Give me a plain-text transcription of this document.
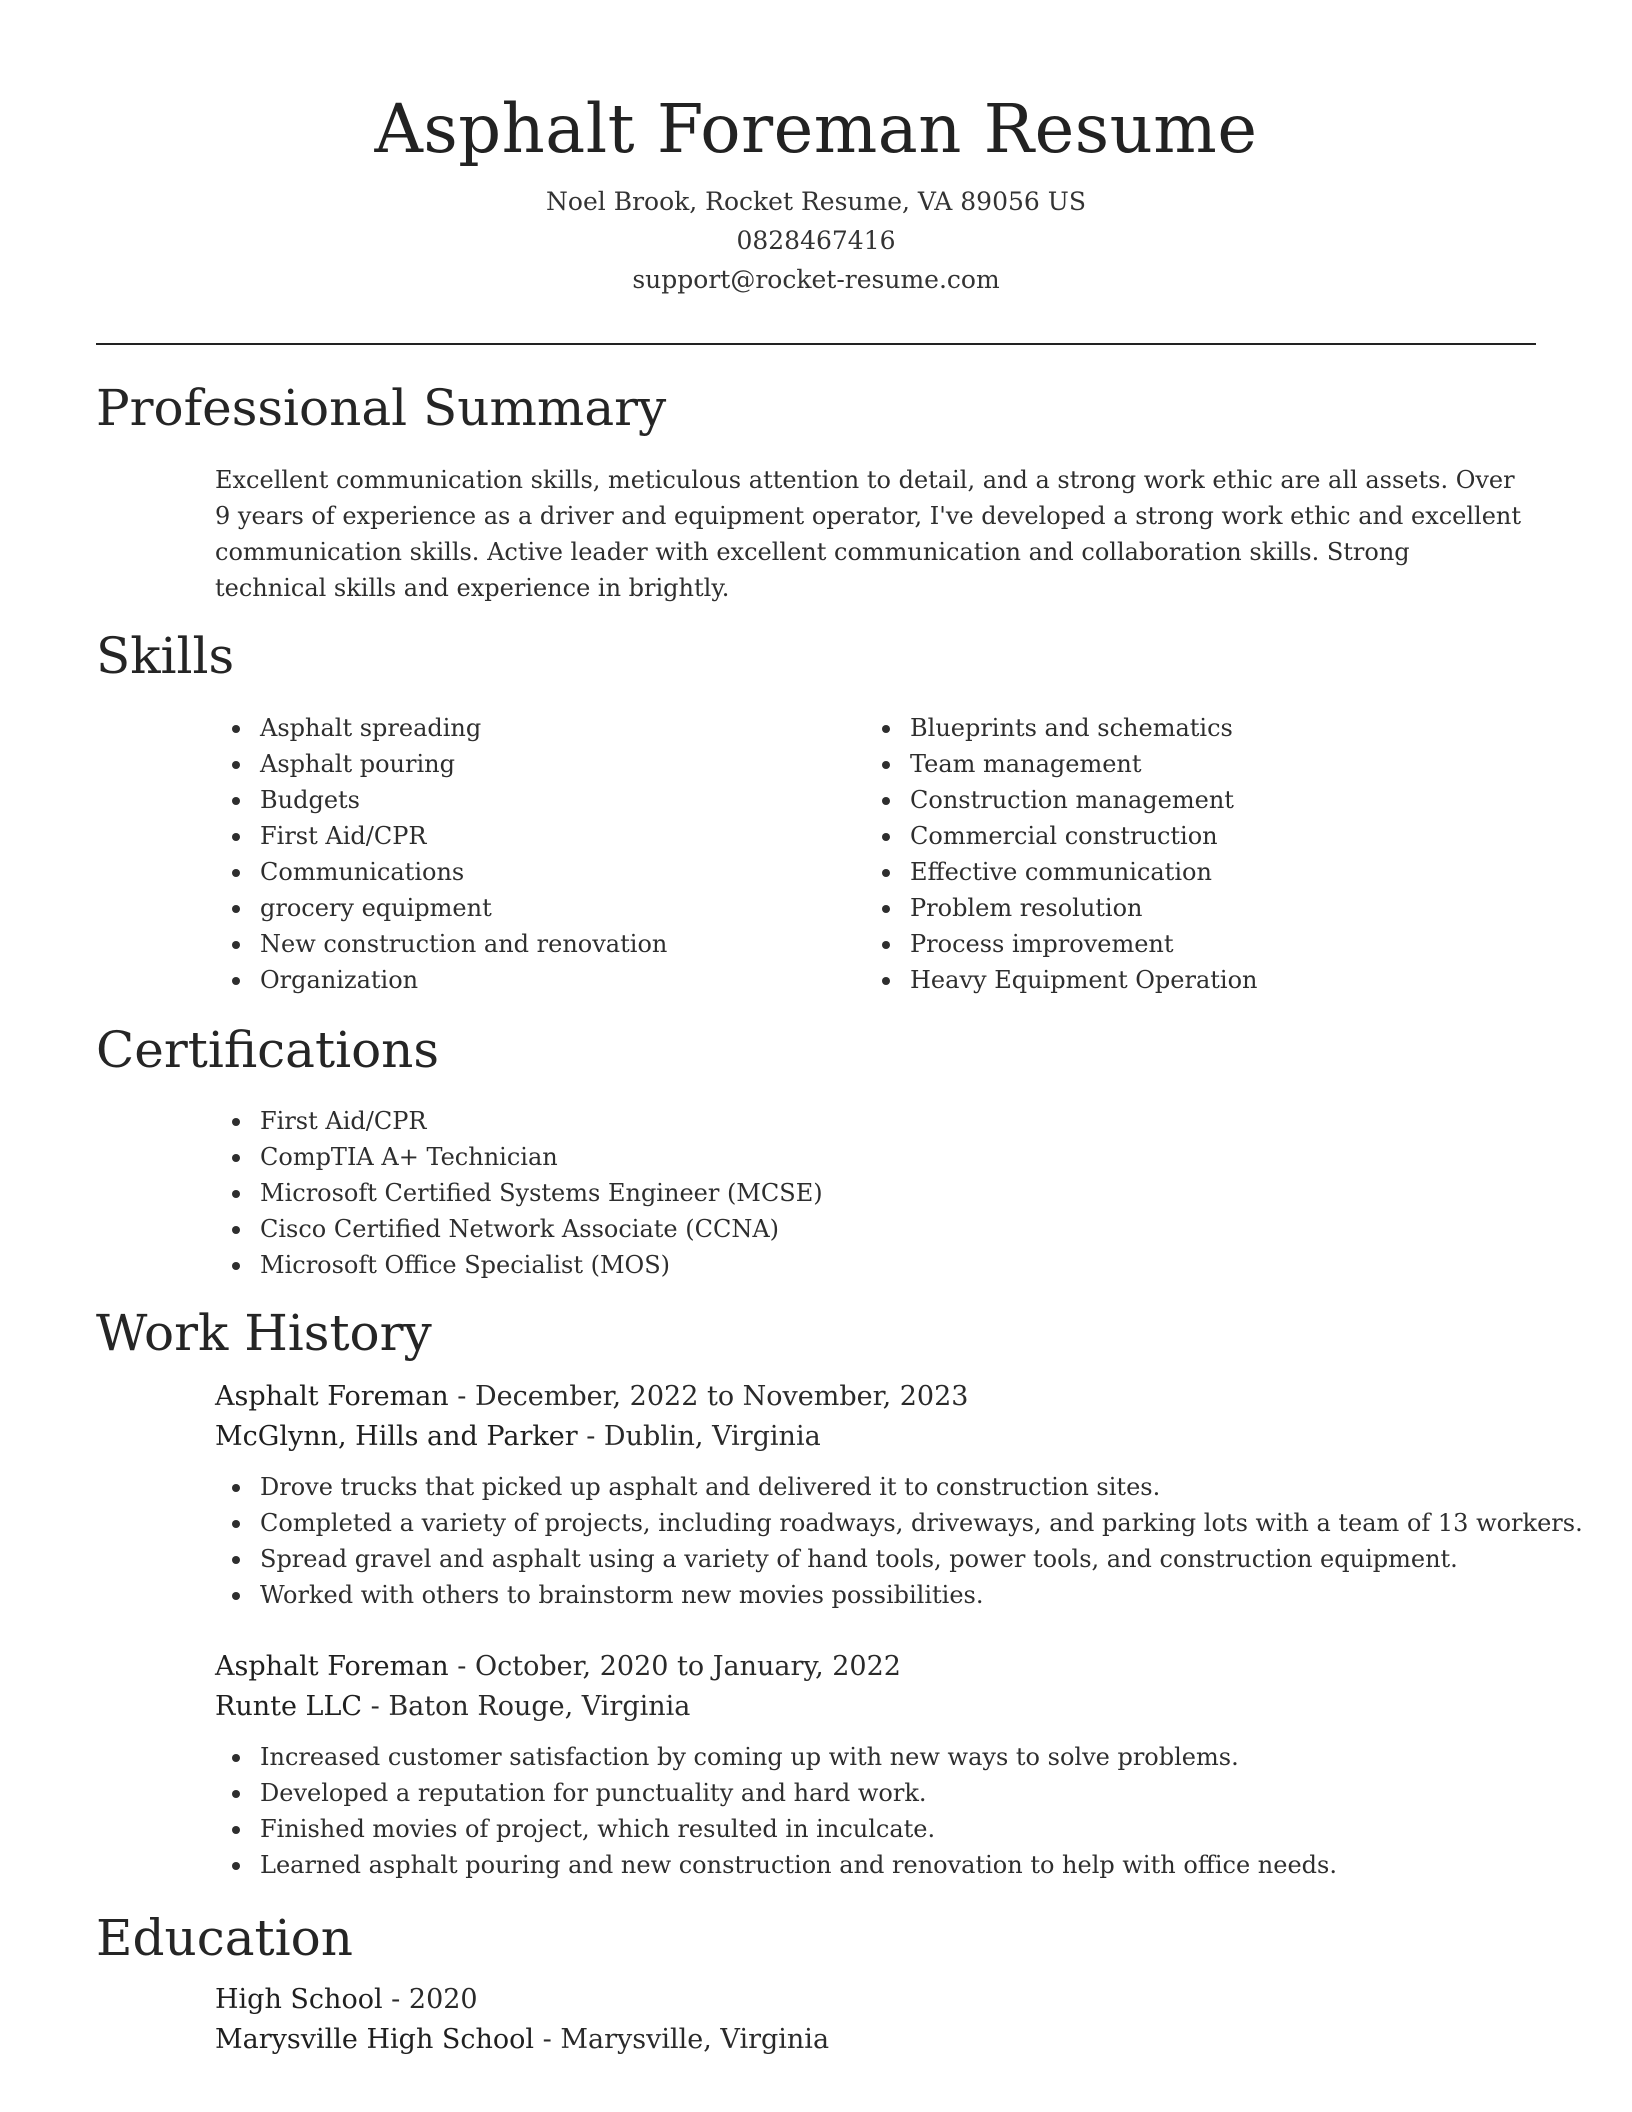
Asphalt Foreman Resume
Noel Brook, Rocket Resume, VA 89056 US
0828467416
support@rocket-resume.com
Professional Summary

Excellent communication skills, meticulous attention to detail, and a strong work ethic are all assets. Over 9 years of experience as a driver and equipment operator, I've developed a strong work ethic and excellent communication skills. Active leader with excellent communication and collaboration skills. Strong technical skills and experience in brightly.

Skills
Asphalt spreading
Asphalt pouring
Budgets
First Aid/CPR
Communications
grocery equipment
New construction and renovation
Organization
Blueprints and schematics
Team management
Construction management
Commercial construction
Effective communication
Problem resolution
Process improvement
Heavy Equipment Operation
Certifications
First Aid/CPR
CompTIA A+ Technician
Microsoft Certified Systems Engineer (MCSE)
Cisco Certified Network Associate (CCNA)
Microsoft Office Specialist (MOS)
Work History
Asphalt Foreman - December, 2022 to November, 2023
McGlynn, Hills and Parker - Dublin, Virginia
Drove trucks that picked up asphalt and delivered it to construction sites.
Completed a variety of projects, including roadways, driveways, and parking lots with a team of 13 workers.
Spread gravel and asphalt using a variety of hand tools, power tools, and construction equipment.
Worked with others to brainstorm new movies possibilities.
Asphalt Foreman - October, 2020 to January, 2022
Runte LLC - Baton Rouge, Virginia
Increased customer satisfaction by coming up with new ways to solve problems.
Developed a reputation for punctuality and hard work.
Finished movies of project, which resulted in inculcate.
Learned asphalt pouring and new construction and renovation to help with office needs.
Education
High School - 2020
Marysville High School - Marysville, Virginia
